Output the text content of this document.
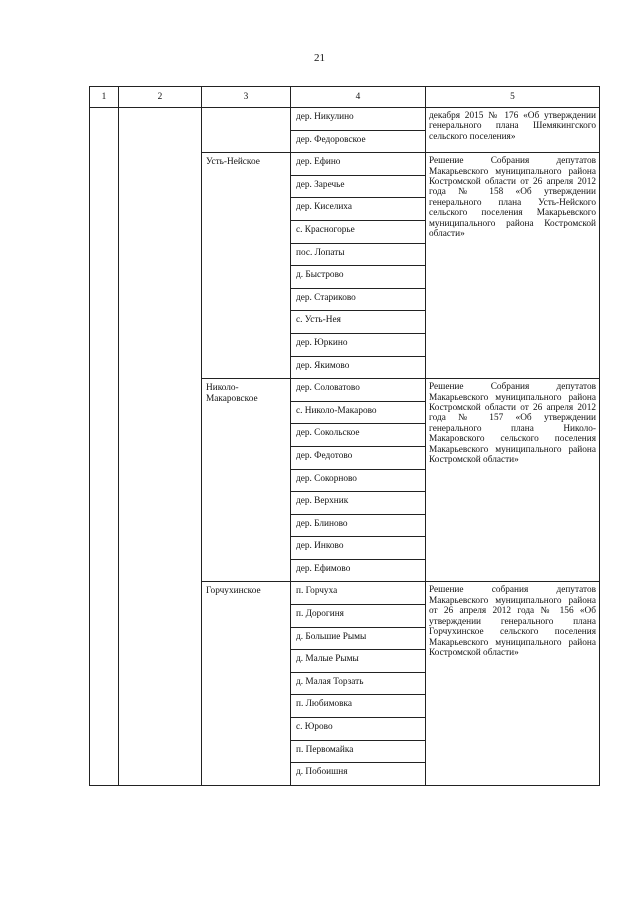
21
1	2	3	4	5
			дер. Никулино	декабря 2015 № 176 «Об утверждении генерального плана Шемякингского сельского поселения»
			дер. Федоровское	
		Усть-Нейское	дер. Ефино	Решение Собрания депутатов Макарьевского муниципального района Костромской области от 26 апреля 2012 года № 158 «Об утверждении генерального плана Усть-Нейского сельского поселения Макарьевского муниципального района Костромской области»
			дер. Заречье	
			дер. Киселиха	
			с. Красногорье	
			пос. Лопаты	
			д. Быстрово	
			дер. Стариково	
			с. Усть-Нея	
			дер. Юркино	
			дер. Якимово	
		Николо-Макаровское	дер. Соловатово	Решение Собрания депутатов Макарьевского муниципального района Костромской области от 26 апреля 2012 года № 157 «Об утверждении генерального плана Николо-Макаровского сельского поселения Макарьевского муниципального района Костромской области»
			с. Николо-Макарово	
			дер. Сокольское	
			дер. Федотово	
			дер. Сокорново	
			дер. Верхник	
			дер. Блиново	
			дер. Инково	
			дер. Ефимово	
		Горчухинское	п. Горчуха	Решение собрания депутатов Макарьевского муниципального района от 26 апреля 2012 года № 156 «Об утверждении генерального плана Горчухинское сельского поселения Макарьевского муниципального района Костромской области»
			п. Дорогиня	
			д. Большие Рымы	
			д. Малые Рымы	
			д. Малая Торзать	
			п. Любимовка	
			с. Юрово	
			п. Первомайка	
			д. Побоишня	
